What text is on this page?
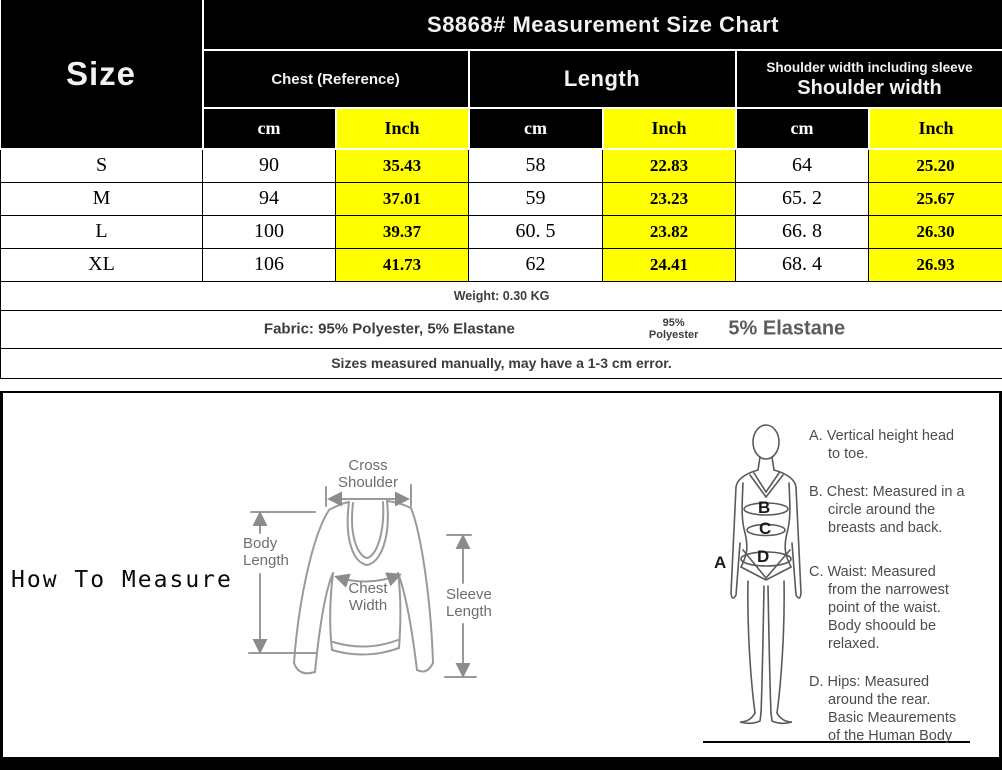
Size	S8868# Measurement Size Chart					
	Chest (Reference)		Length		Shoulder width including sleeve
Shoulder width	

	cm	Inch	cm	Inch	cm	Inch
S	90	35.43	58	22.83	64	25.20
M	94	37.01	59	23.23	65. 2	25.67
L	100	39.37	60. 5	23.82	66. 8	26.30
XL	106	41.73	62	24.41	68. 4	26.93
Weight: 0.30 KG						

Fabric: 95% Polyester, 5% Elastane 95%
Polyester 5% Elastane						

Sizes measured manually, may have a 1-3 cm error.						
How To Measure
Cross
Shoulder
Body
Length
Chest
Width
Sleeve
Length
A
B
C
D
A. Vertical height head
to toe.
B. Chest: Measured in a
circle around the
breasts and back.
C. Waist: Measured
from the narrowest
point of the waist.
Body shoould be
relaxed.
D. Hips: Measured
around the rear.
Basic Meaurements
of the Human Body
